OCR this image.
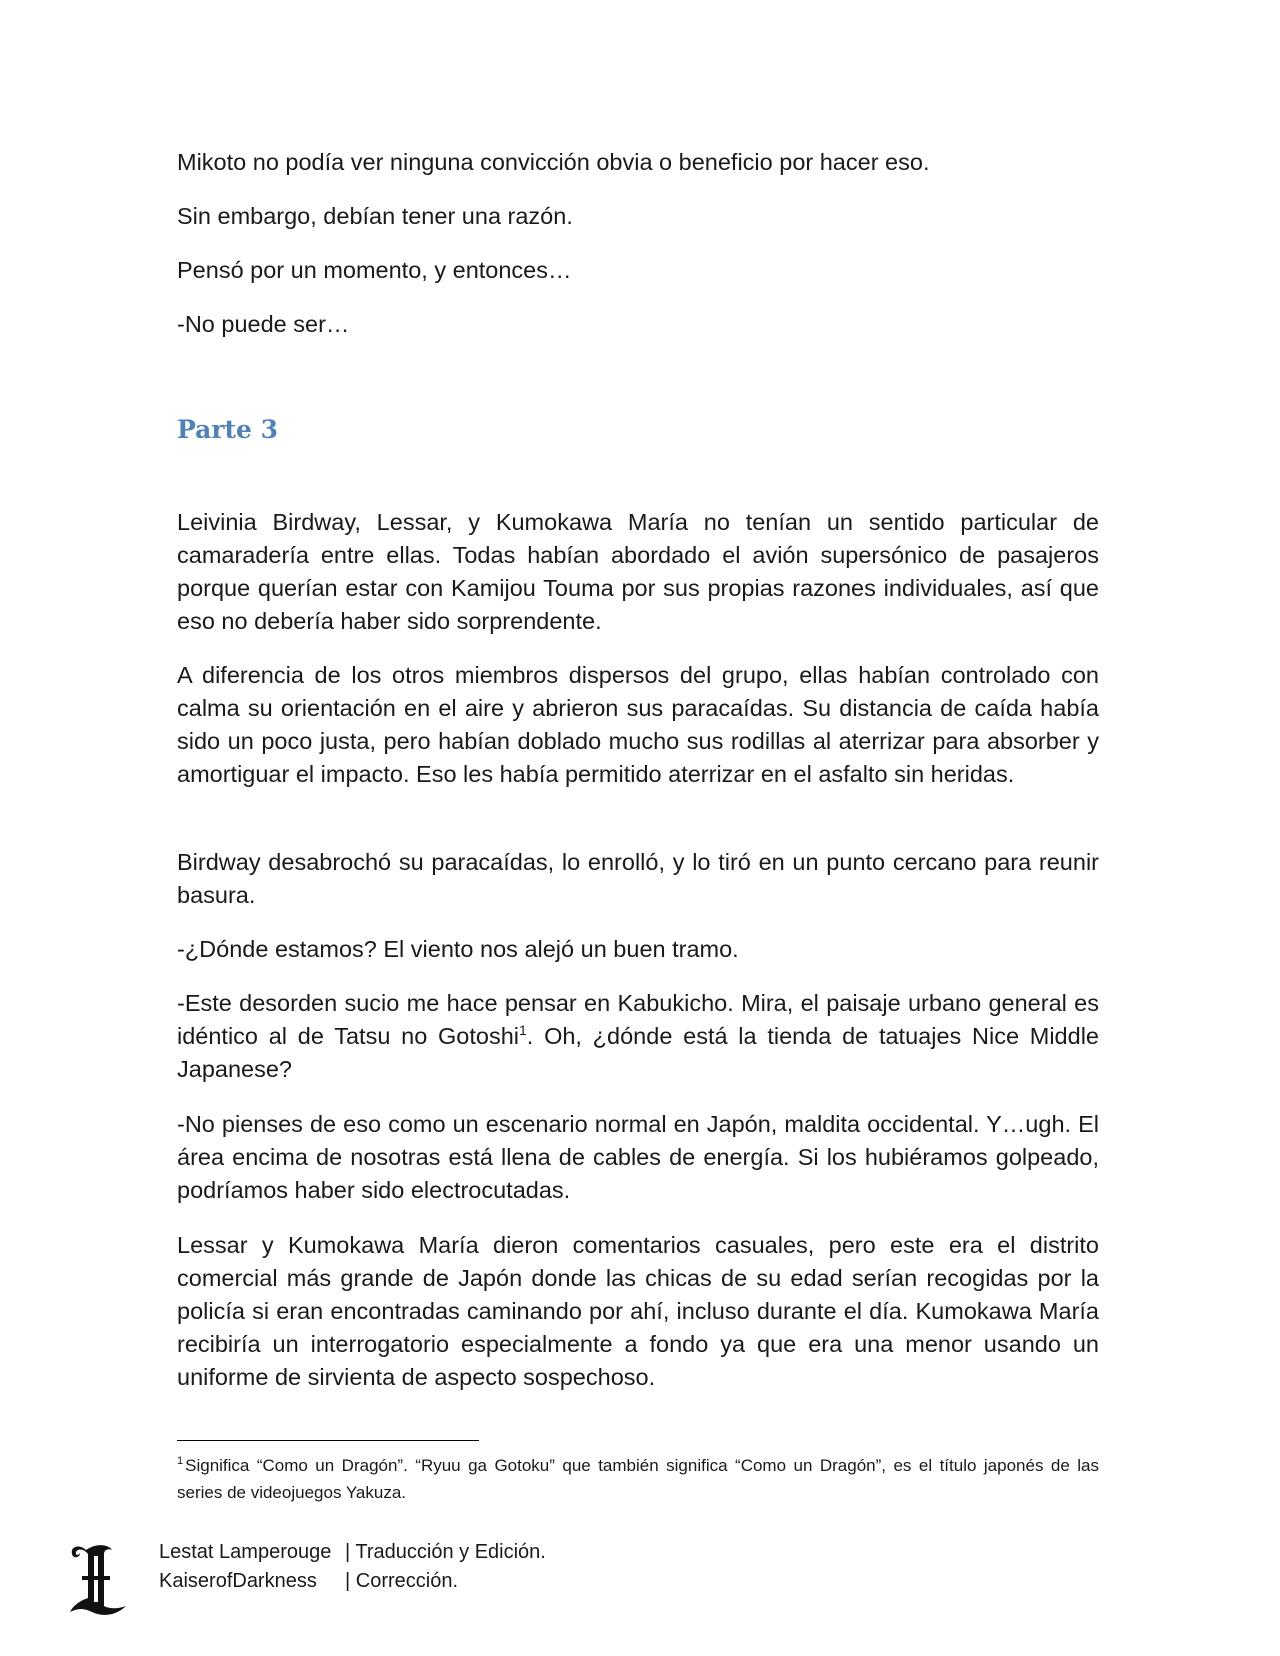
Mikoto no podía ver ninguna convicción obvia o beneficio por hacer eso.

Sin embargo, debían tener una razón.

Pensó por un momento, y entonces…

-No puede ser…

Parte 3

Leivinia Birdway, Lessar, y Kumokawa María no tenían un sentido particular de camaradería entre ellas. Todas habían abordado el avión supersónico de pasajeros porque querían estar con Kamijou Touma por sus propias razones individuales, así que eso no debería haber sido sorprendente.

A diferencia de los otros miembros dispersos del grupo, ellas habían controlado con calma su orientación en el aire y abrieron sus paracaídas. Su distancia de caída había sido un poco justa, pero habían doblado mucho sus rodillas al aterrizar para absorber y amortiguar el impacto. Eso les había permitido aterrizar en el asfalto sin heridas.

Birdway desabrochó su paracaídas, lo enrolló, y lo tiró en un punto cercano para reunir basura.

-¿Dónde estamos? El viento nos alejó un buen tramo.

-Este desorden sucio me hace pensar en Kabukicho. Mira, el paisaje urbano general es idéntico al de Tatsu no Gotoshi$^1$. Oh, ¿dónde está la tienda de tatuajes Nice Middle Japanese?

-No pienses de eso como un escenario normal en Japón, maldita occidental. Y…ugh. El área encima de nosotras está llena de cables de energía. Si los hubiéramos golpeado, podríamos haber sido electrocutadas.

Lessar y Kumokawa María dieron comentarios casuales, pero este era el distrito comercial más grande de Japón donde las chicas de su edad serían recogidas por la policía si eran encontradas caminando por ahí, incluso durante el día. Kumokawa María recibiría un interrogatorio especialmente a fondo ya que era una menor usando un uniforme de sirvienta de aspecto sospechoso.

$^1$ Significa “Como un Dragón”. “Ryuu ga Gotoku” que también significa “Como un Dragón”, es el título japonés de las series de videojuegos Yakuza.

Lestat Lamperouge | Traducción y Edición.
KaiserofDarkness	| Corrección.
